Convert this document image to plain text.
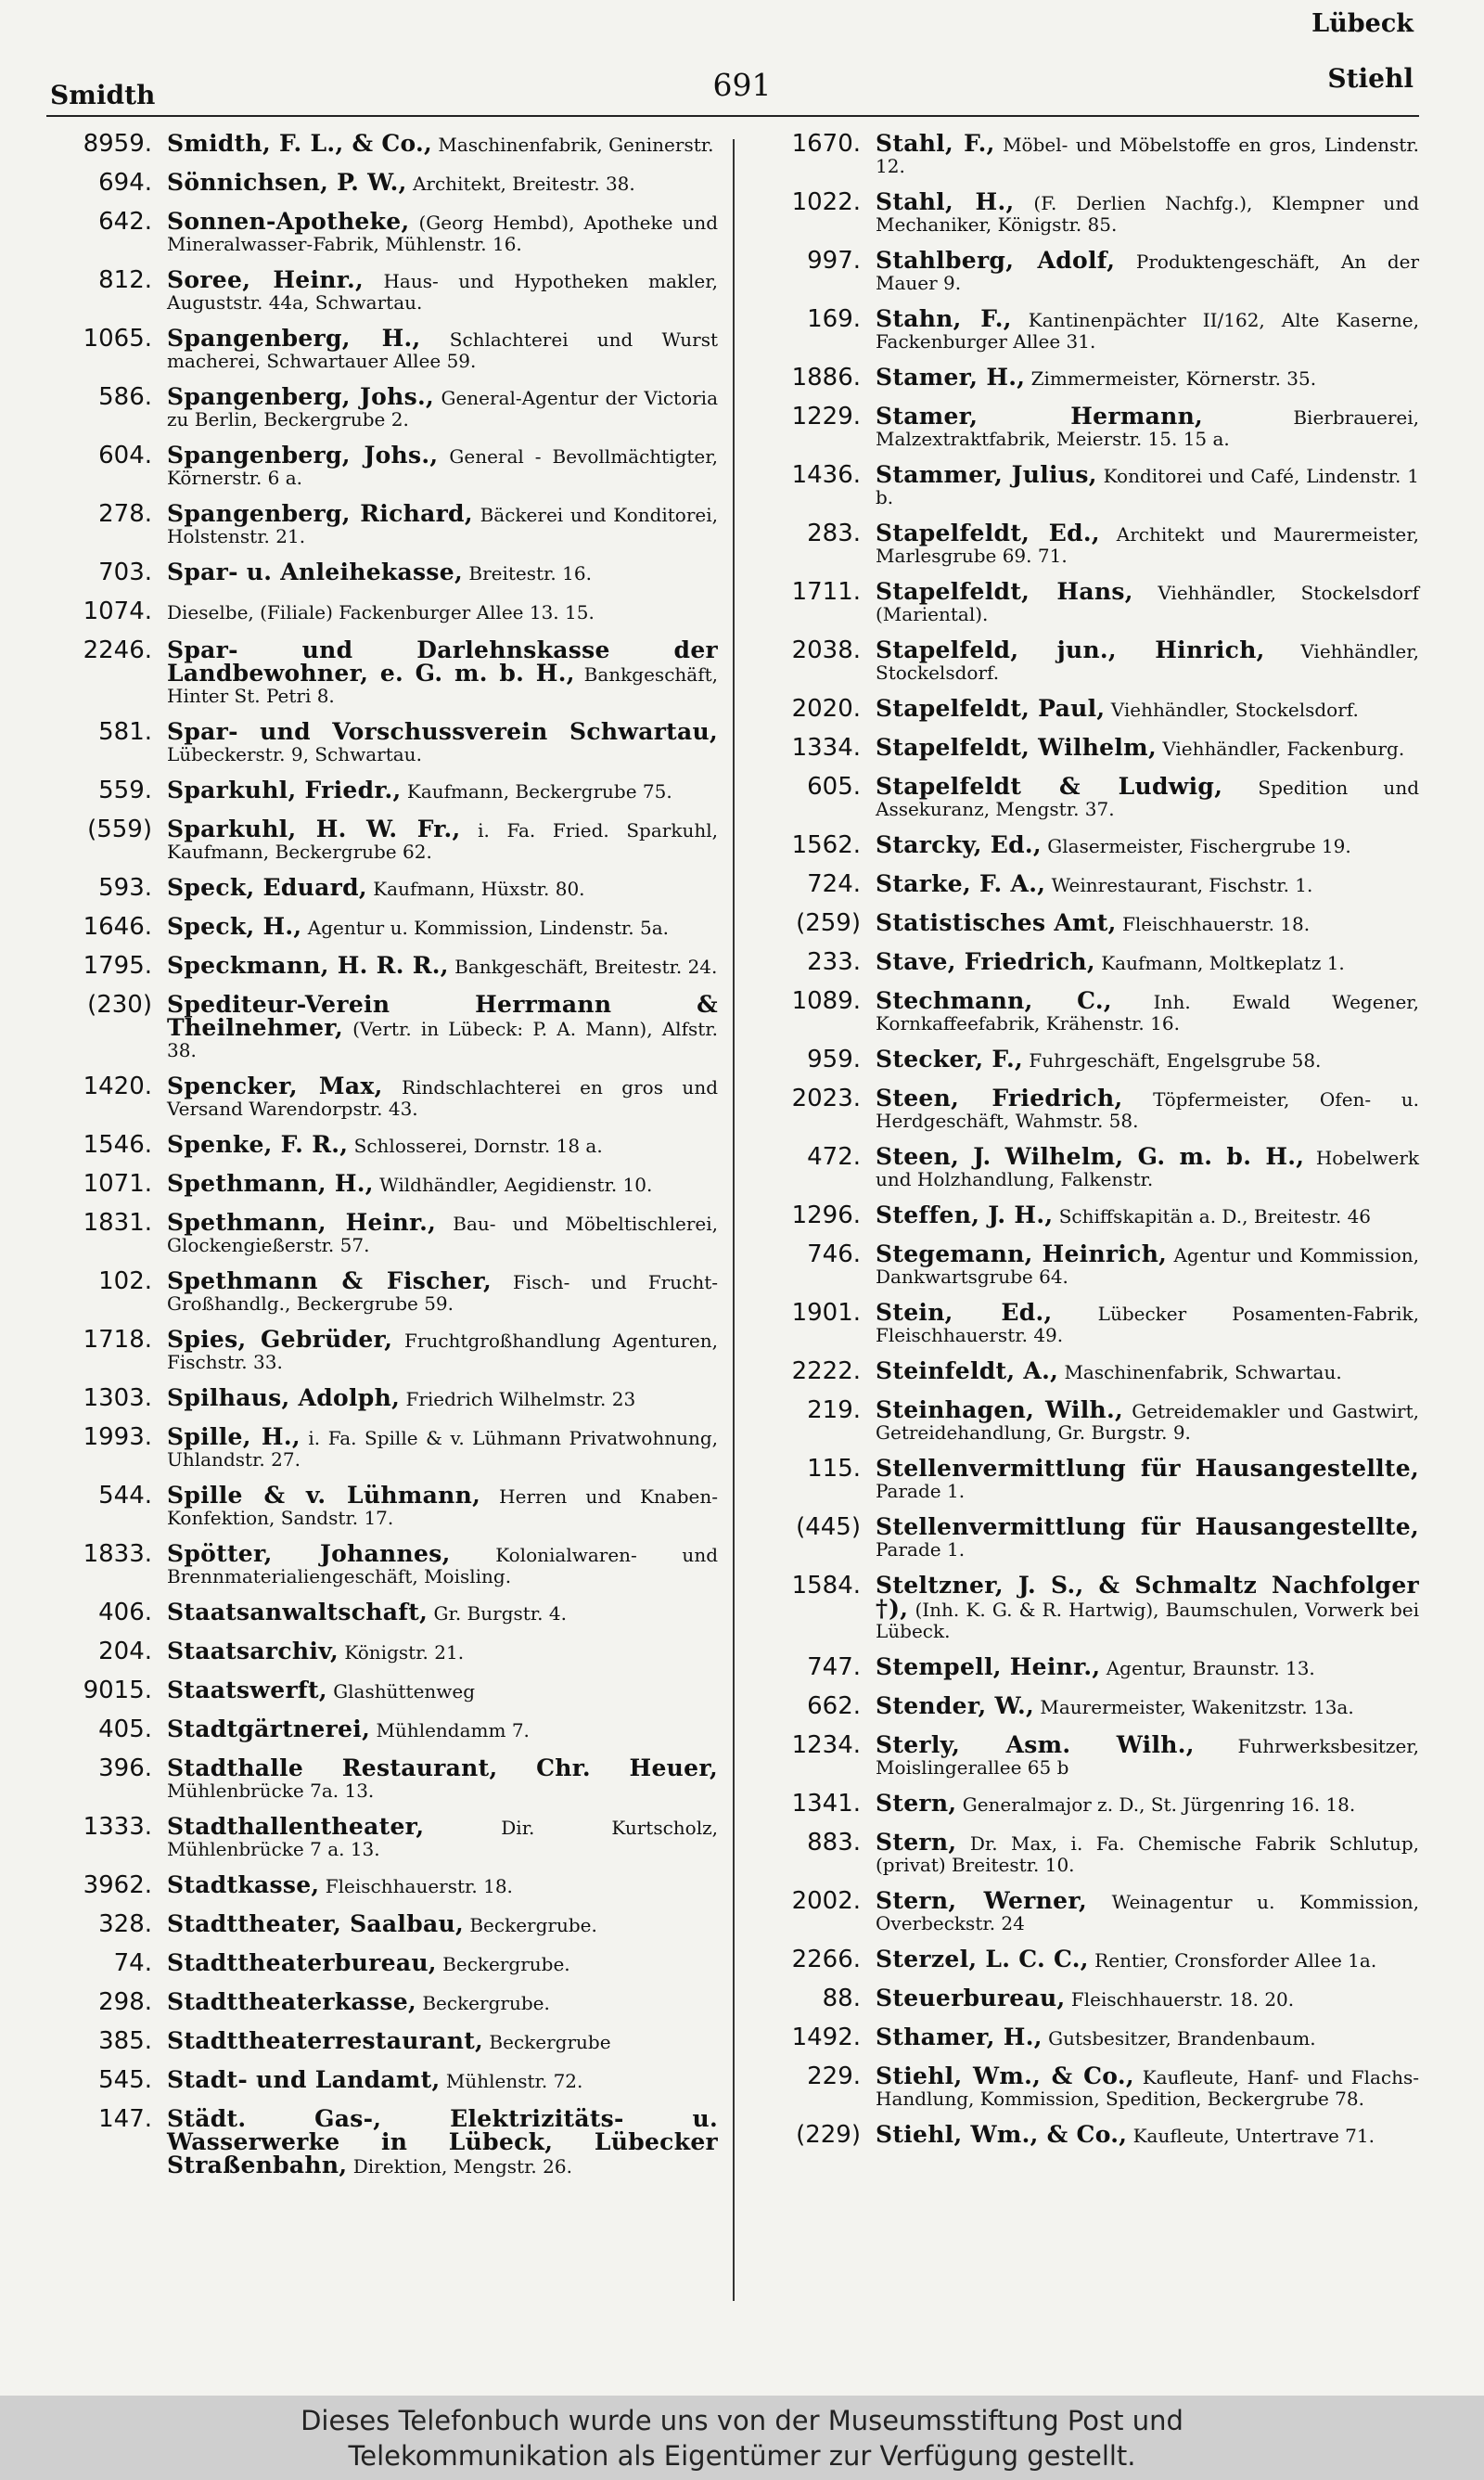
Lübeck
Smidth	691	Stiehl
8959. Smidth, F. L., & Co., Maschinenfabrik, Geninerstr.
694. Sönnichsen, P. W., Architekt, Breitestr. 38.
642. Sonnen-Apotheke, (Georg Hembd), Apotheke und Mineralwasser-Fabrik, Mühlenstr. 16.
812. Soree, Heinr., Haus- und Hypotheken makler, Auguststr. 44a, Schwartau.
1065. Spangenberg, H., Schlachterei und Wurst macherei, Schwartauer Allee 59.
586. Spangenberg, Johs., General-Agentur der Victoria zu Berlin, Beckergrube 2.
604. Spangenberg, Johs., General - Bevollmächtigter, Körnerstr. 6 a.
278. Spangenberg, Richard, Bäckerei und Konditorei, Holstenstr. 21.
703. Spar- u. Anleihekasse, Breitestr. 16.
1074. Dieselbe, (Filiale) Fackenburger Allee 13. 15.
2246. Spar- und Darlehnskasse der Landbewohner, e. G. m. b. H., Bankgeschäft, Hinter St. Petri 8.
581. Spar- und Vorschussverein Schwartau, Lübeckerstr. 9, Schwartau.
559. Sparkuhl, Friedr., Kaufmann, Beckergrube 75.
(559) Sparkuhl, H. W. Fr., i. Fa. Fried. Sparkuhl, Kaufmann, Beckergrube 62.
593. Speck, Eduard, Kaufmann, Hüxstr. 80.
1646. Speck, H., Agentur u. Kommission, Lindenstr. 5a.
1795. Speckmann, H. R. R., Bankgeschäft, Breitestr. 24.
(230) Spediteur-Verein Herrmann & Theilnehmer, (Vertr. in Lübeck: P. A. Mann), Alfstr. 38.
1420. Spencker, Max, Rindschlachterei en gros und Versand Warendorpstr. 43.
1546. Spenke, F. R., Schlosserei, Dornstr. 18 a.
1071. Spethmann, H., Wildhändler, Aegidienstr. 10.
1831. Spethmann, Heinr., Bau- und Möbeltischlerei, Glockengießerstr. 57.
102. Spethmann & Fischer, Fisch- und Frucht-Großhandlg., Beckergrube 59.
1718. Spies, Gebrüder, Fruchtgroßhandlung Agenturen, Fischstr. 33.
1303. Spilhaus, Adolph, Friedrich Wilhelmstr. 23
1993. Spille, H., i. Fa. Spille & v. Lühmann Privatwohnung, Uhlandstr. 27.
544. Spille & v. Lühmann, Herren und Knaben-Konfektion, Sandstr. 17.
1833. Spötter, Johannes, Kolonialwaren- und Brennmaterialiengeschäft, Moisling.
406. Staatsanwaltschaft, Gr. Burgstr. 4.
204. Staatsarchiv, Königstr. 21.
9015. Staatswerft, Glashüttenweg
405. Stadtgärtnerei, Mühlendamm 7.
396. Stadthalle Restaurant, Chr. Heuer, Mühlenbrücke 7a. 13.
1333. Stadthallentheater,	Dir. Kurtscholz, Mühlenbrücke 7 a. 13.
3962. Stadtkasse, Fleischhauerstr. 18.
328. Stadttheater, Saalbau, Beckergrube.
74. Stadttheaterbureau, Beckergrube.
298. Stadttheaterkasse, Beckergrube.
385. Stadttheaterrestaurant, Beckergrube
545. Stadt- und Landamt, Mühlenstr. 72.
147. Städt. Gas-, Elektrizitäts- u. Wasserwerke in Lübeck, Lübecker Straßenbahn, Direktion, Mengstr. 26.
1670. Stahl, F., Möbel- und Möbelstoffe en gros, Lindenstr. 12.
1022. Stahl, H., (F. Derlien Nachfg.), Klempner und Mechaniker, Königstr. 85.
997. Stahlberg, Adolf, Produktengeschäft, An der Mauer 9.
169. Stahn, F., Kantinenpächter II/162, Alte Kaserne, Fackenburger Allee 31.
1886. Stamer, H., Zimmermeister, Körnerstr. 35.
1229. Stamer, Hermann,	Bierbrauerei, Malzextraktfabrik, Meierstr. 15. 15 a.
1436. Stammer, Julius, Konditorei und Café, Lindenstr. 1 b.
283. Stapelfeldt, Ed., Architekt und Maurermeister, Marlesgrube 69. 71.
1711. Stapelfeldt, Hans, Viehhändler, Stockelsdorf (Mariental).
2038. Stapelfeld, jun., Hinrich, Viehhändler, Stockelsdorf.
2020. Stapelfeldt, Paul, Viehhändler, Stockelsdorf.
1334. Stapelfeldt, Wilhelm, Viehhändler, Fackenburg.
605. Stapelfeldt & Ludwig, Spedition und Assekuranz, Mengstr. 37.
1562. Starcky, Ed., Glasermeister, Fischergrube 19.
724. Starke, F. A., Weinrestaurant, Fischstr. 1.
(259) Statistisches Amt, Fleischhauerstr. 18.
233. Stave, Friedrich, Kaufmann, Moltkeplatz 1.
1089. Stechmann, C., Inh. Ewald Wegener, Kornkaffeefabrik, Krähenstr. 16.
959. Stecker, F., Fuhrgeschäft, Engelsgrube 58.
2023. Steen, Friedrich, Töpfermeister, Ofen- u. Herdgeschäft, Wahmstr. 58.
472. Steen, J. Wilhelm, G. m. b. H., Hobelwerk und Holzhandlung, Falkenstr.
1296. Steffen, J. H., Schiffskapitän a. D., Breitestr. 46
746. Stegemann, Heinrich, Agentur und Kommission, Dankwartsgrube 64.
1901. Stein, Ed., Lübecker Posamenten-Fabrik, Fleischhauerstr. 49.
2222. Steinfeldt, A., Maschinenfabrik, Schwartau.
219. Steinhagen, Wilh., Getreidemakler und Gastwirt, Getreidehandlung, Gr. Burgstr. 9.
115. Stellenvermittlung für Hausangestellte, Parade 1.
(445) Stellenvermittlung für Hausangestellte, Parade 1.
1584. Steltzner, J. S., & Schmaltz Nachfolger †), (Inh. K. G. & R. Hartwig), Baumschulen, Vorwerk bei Lübeck.
747. Stempell, Heinr., Agentur, Braunstr. 13.
662. Stender, W., Maurermeister, Wakenitzstr. 13a.
1234. Sterly, Asm. Wilh., Fuhrwerksbesitzer, Moislingerallee 65 b
1341. Stern, Generalmajor z. D., St. Jürgenring 16. 18.
883. Stern, Dr. Max, i. Fa. Chemische Fabrik Schlutup, (privat) Breitestr. 10.
2002. Stern, Werner, Weinagentur u. Kommission, Overbeckstr. 24
2266. Sterzel, L. C. C., Rentier, Cronsforder Allee 1a.
88. Steuerbureau, Fleischhauerstr. 18. 20.
1492. Sthamer, H., Gutsbesitzer, Brandenbaum.
229. Stiehl, Wm., & Co., Kaufleute, Hanf- und Flachs-Handlung, Kommission, Spedition, Beckergrube 78.
(229) Stiehl, Wm., & Co., Kaufleute, Untertrave 71.
Dieses Telefonbuch wurde uns von der Museumsstiftung Post und
Telekommunikation als Eigentümer zur Verfügung gestellt.
